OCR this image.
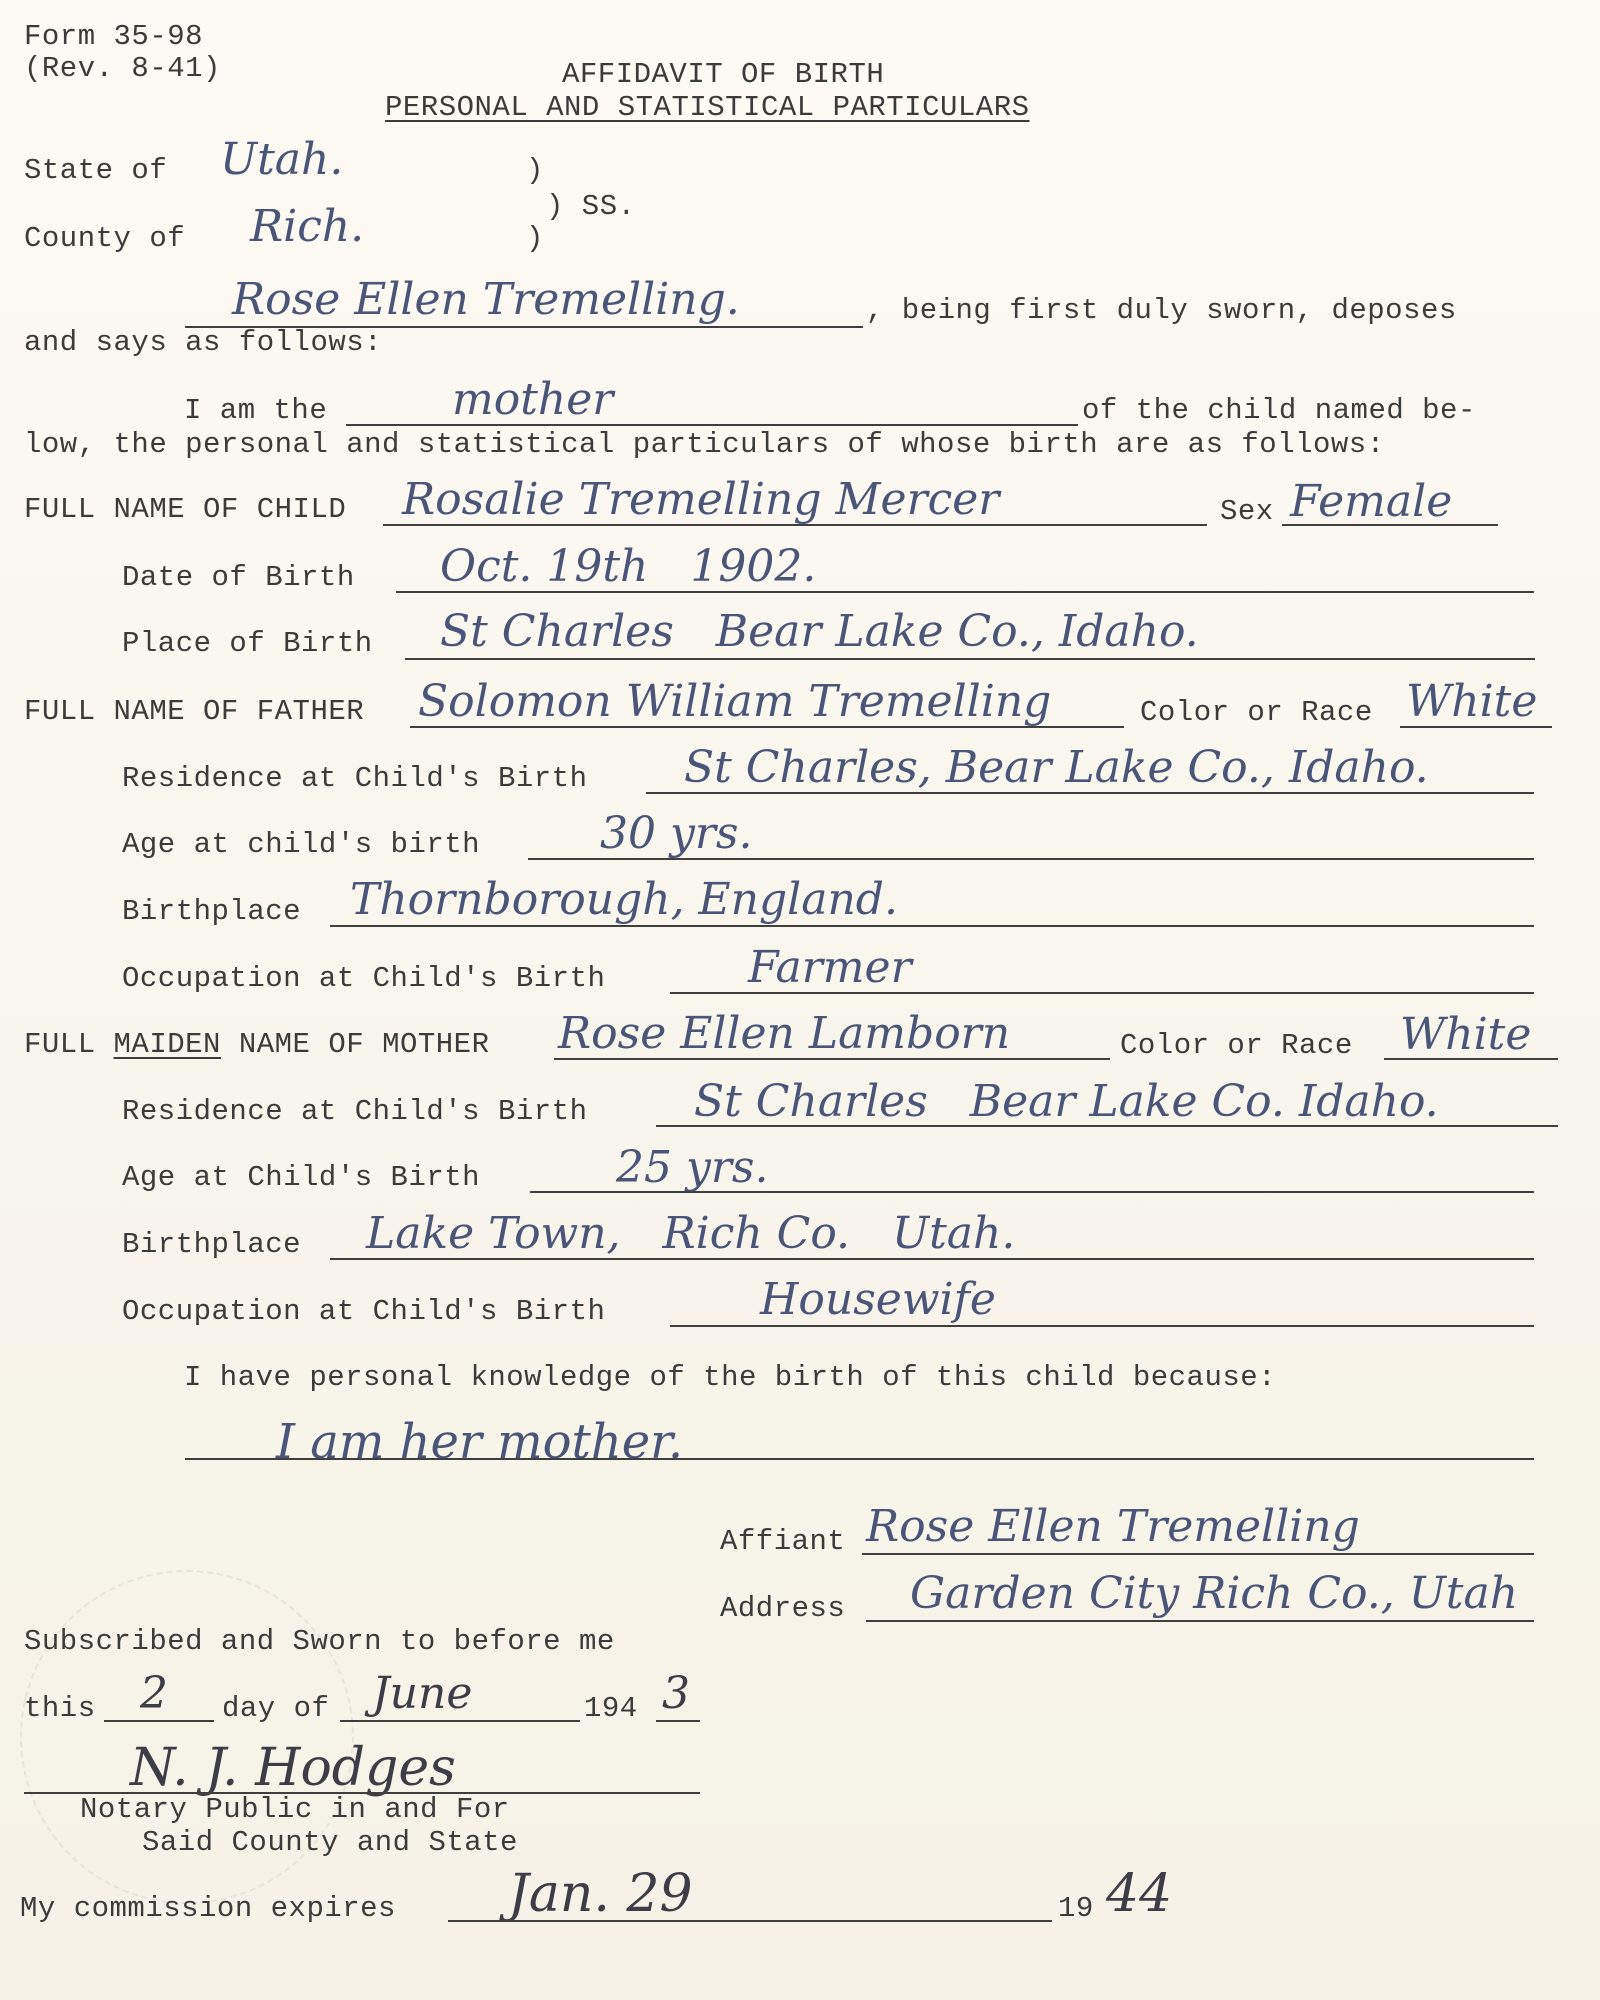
Form 35-98
(Rev. 8-41)	AFFIDAVIT OF BIRTH
PERSONAL AND STATISTICAL PARTICULARS
State of Utah.	)
) SS.
)
County of Rich.
Rose Ellen Tremelling.	, being first duly sworn, deposes
and says as follows:
I am the	mother	of the child named be-
low, the personal and statistical particulars of whose birth are as follows:
FULL NAME OF CHILD Rosalie Tremelling Mercer	Sex Female
Date of Birth Oct. 19th   1902.
Place of Birth St Charles   Bear Lake Co., Idaho.
FULL NAME OF FATHER Solomon William Tremelling	Color or Race White
Residence at Child's Birth St Charles, Bear Lake Co., Idaho.
Age at child's birth	30 yrs.
Birthplace Thornborough, England.
Occupation at Child's Birth	Farmer
FULL MAIDEN NAME OF MOTHER Rose Ellen Lamborn	Color or Race White
Residence at Child's Birth St Charles   Bear Lake Co. Idaho.
Age at Child's Birth	25 yrs.
Birthplace Lake Town,   Rich Co.   Utah.
Occupation at Child's Birth	Housewife
I have personal knowledge of the birth of this child because:
I am her mother.
Affiant Rose Ellen Tremelling
Address Garden City Rich Co., Utah
Subscribed and Sworn to before me
this 2 day of June	194 3
N. J. Hodges
Notary Public in and For
Said County and State
My commission expires Jan. 29	19 44
